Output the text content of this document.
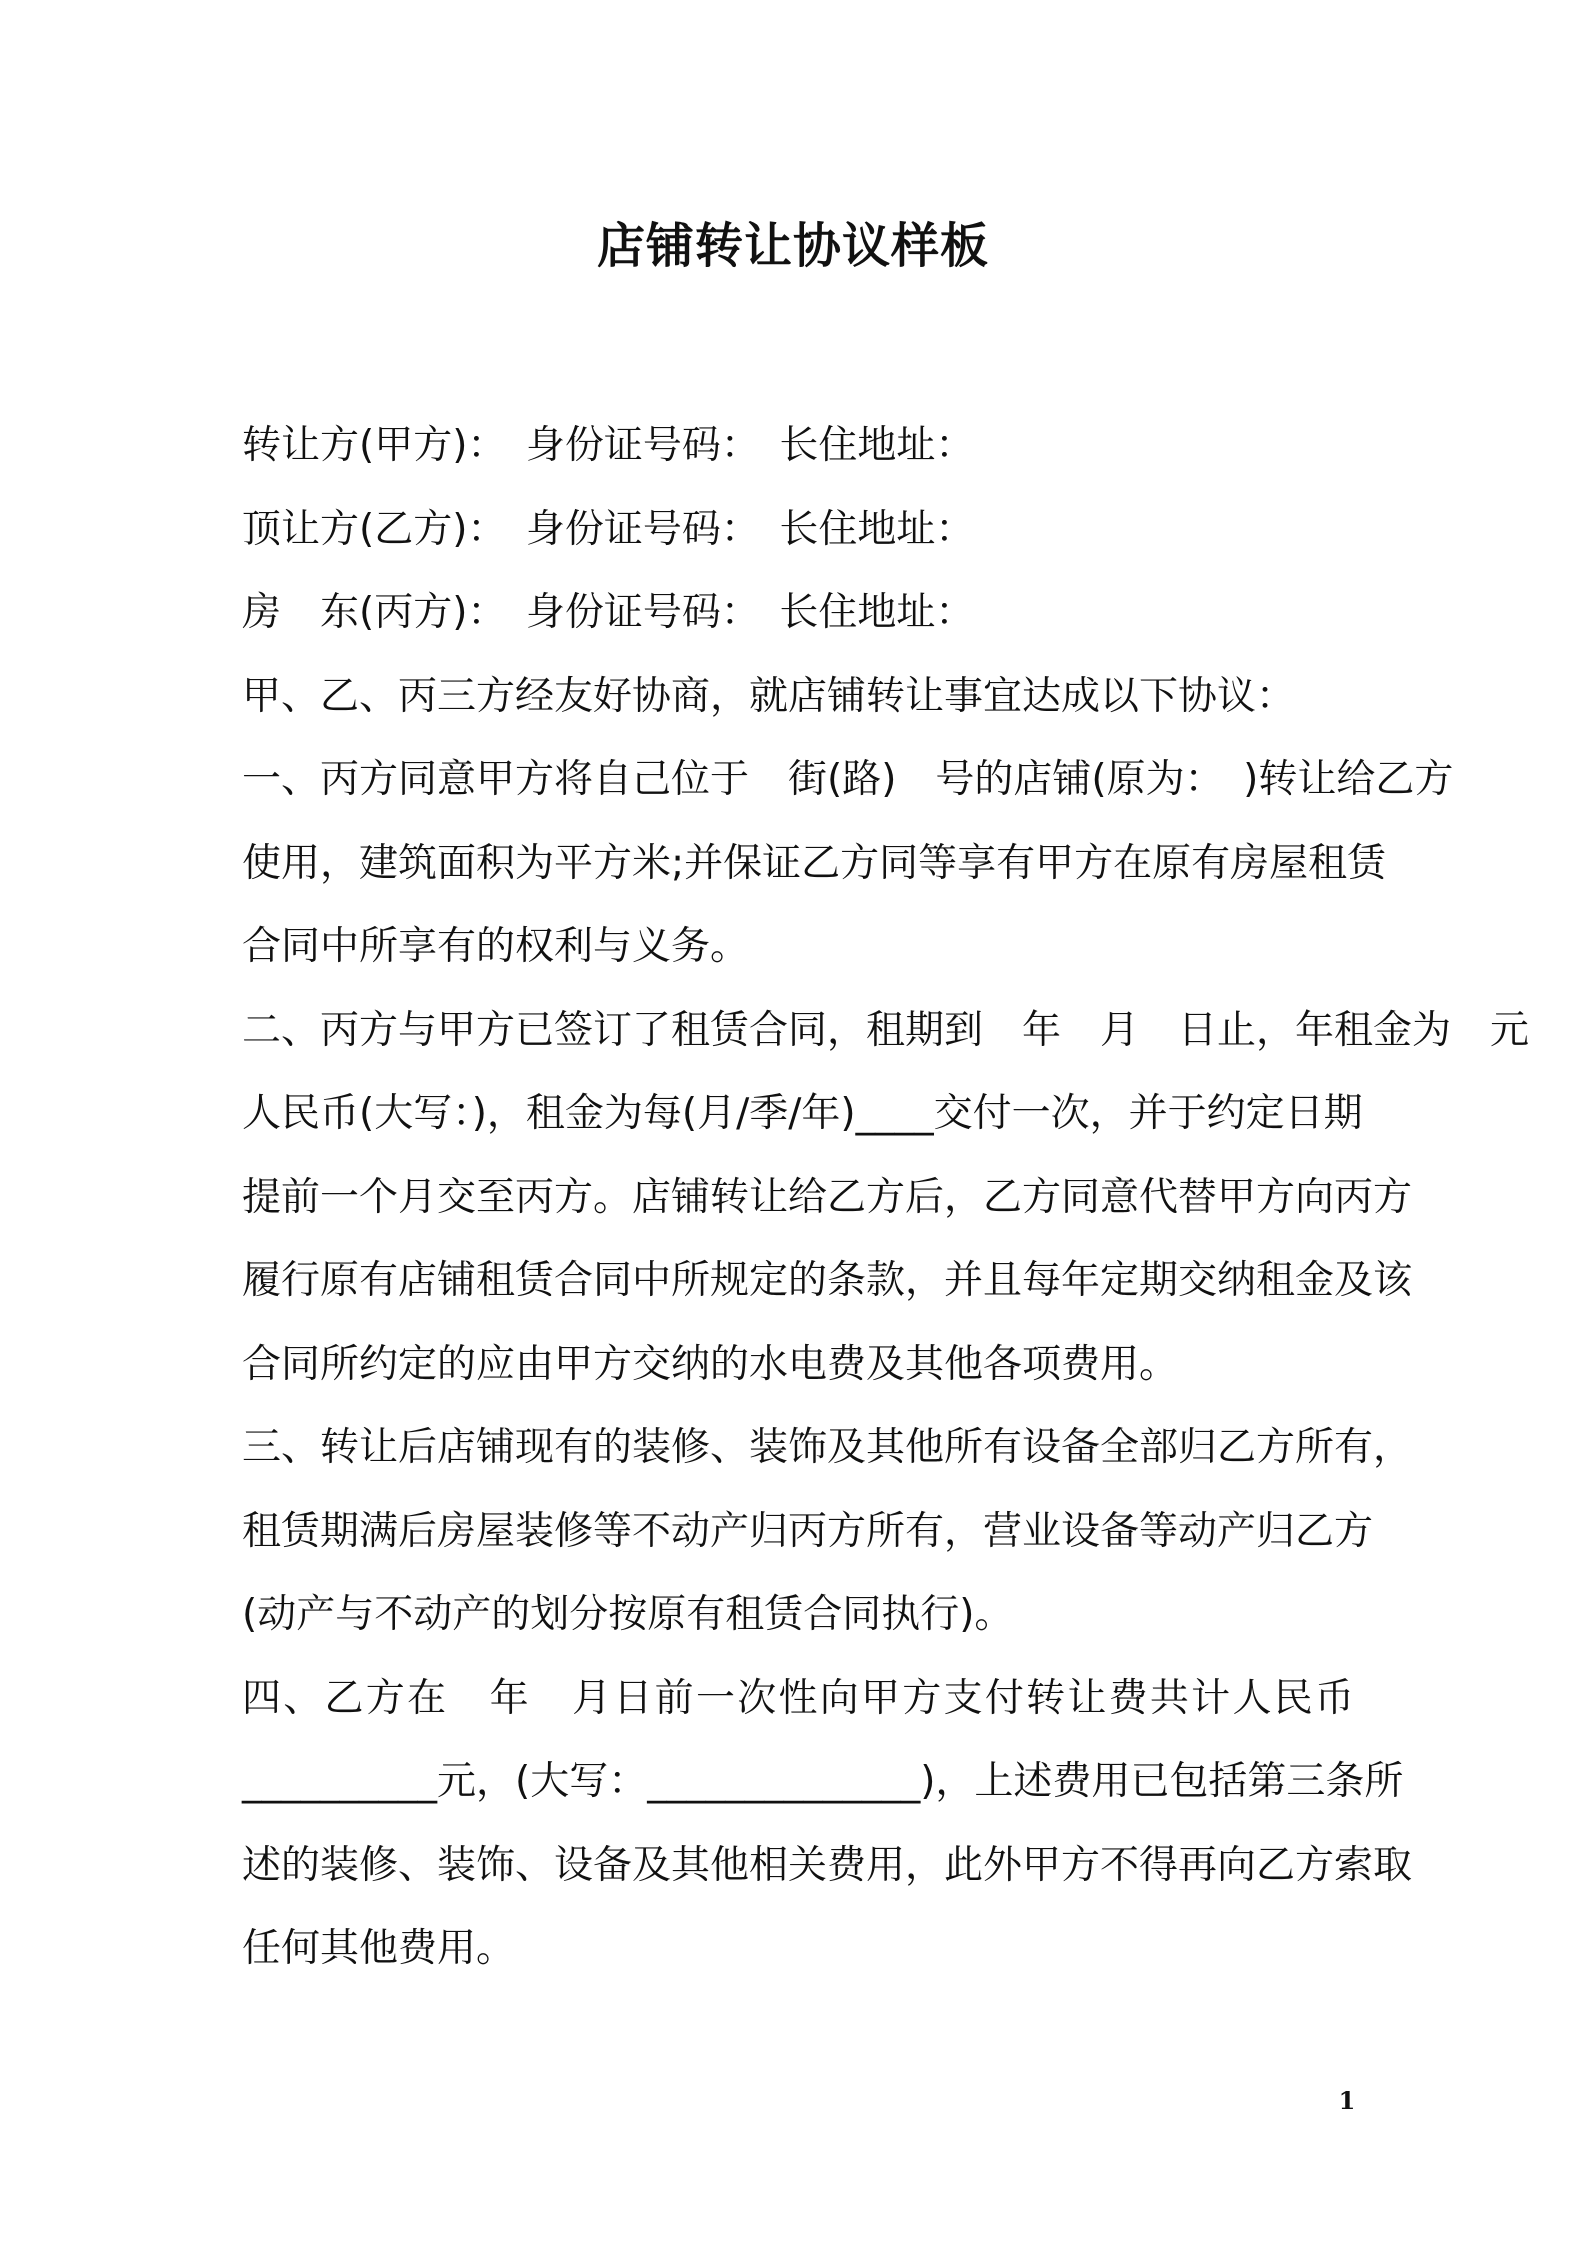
店铺转让协议样板
转让方(甲方)：　身份证号码：　长住地址：
顶让方(乙方)：　身份证号码：　长住地址：
房　东(丙方)：　身份证号码：　长住地址：
甲、乙、丙三方经友好协商，就店铺转让事宜达成以下协议：
一、丙方同意甲方将自己位于　街(路)　号的店铺(原为：　)转让给乙方
使用，建筑面积为平方米;并保证乙方同等享有甲方在原有房屋租赁
合同中所享有的权利与义务。
二、丙方与甲方已签订了租赁合同，租期到　年　月　日止，年租金为　元
人民币(大写：)，租金为每(月/季/年)____交付一次，并于约定日期
提前一个月交至丙方。店铺转让给乙方后，乙方同意代替甲方向丙方
履行原有店铺租赁合同中所规定的条款，并且每年定期交纳租金及该
合同所约定的应由甲方交纳的水电费及其他各项费用。
三、转让后店铺现有的装修、装饰及其他所有设备全部归乙方所有，
租赁期满后房屋装修等不动产归丙方所有，营业设备等动产归乙方
(动产与不动产的划分按原有租赁合同执行)。
四、乙方在　年　月日前一次性向甲方支付转让费共计人民币
__________元，(大写：______________)，上述费用已包括第三条所
述的装修、装饰、设备及其他相关费用，此外甲方不得再向乙方索取
任何其他费用。
1
